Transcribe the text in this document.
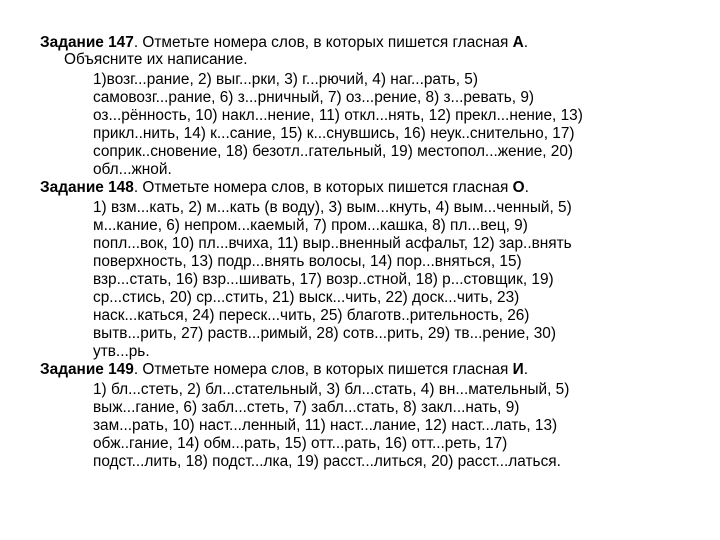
Задание 147. Отметьте номера слов, в которых пишется гласная А.
Объясните их написание.
1)возг...рание, 2) выг...рки, 3) г...рючий, 4) наг...рать, 5)
самовозг...рание, 6) з...рничный, 7) оз...рение, 8) з...ревать, 9)
оз...рённость, 10) накл...нение, 11) откл...нять, 12) прекл...нение, 13)
прикл..нить, 14) к...сание, 15) к...снувшись, 16) неук..снительно, 17)
соприк..сновение, 18) безотл..гательный, 19) местопол...жение, 20)
обл...жной.
Задание 148. Отметьте номера слов, в которых пишется гласная О.
1) взм...кать, 2) м...кать (в воду), 3) вым...кнуть, 4) вым...ченный, 5)
м...кание, 6) непром...каемый, 7) пром...кашка, 8) пл...вец, 9)
попл...вок, 10) пл...вчиха, 11) выр..вненный асфальт, 12) зар..внять
поверхность, 13) подр...внять волосы, 14) пор...вняться, 15)
взр...стать, 16) взр...шивать, 17) возр..стной, 18) р...стовщик, 19)
ср...стись, 20) ср...стить, 21) выск...чить, 22) доск...чить, 23)
наск...каться, 24) переск...чить, 25) благотв..рительность, 26)
вытв...рить, 27) раств...римый, 28) сотв...рить, 29) тв...рение, 30)
утв...рь.
Задание 149. Отметьте номера слов, в которых пишется гласная И.
1) бл...стеть, 2) бл...стательный, 3) бл...стать, 4) вн...мательный, 5)
выж...гание, 6) забл...стеть, 7) забл...стать, 8) закл...нать, 9)
зам...рать, 10) наст...ленный, 11) наст...лание, 12) наст...лать, 13)
обж..гание, 14) обм...рать, 15) отт...рать, 16) отт...реть, 17)
подст...лить, 18) подст...лка, 19) расст...литься, 20) расст...латься.
